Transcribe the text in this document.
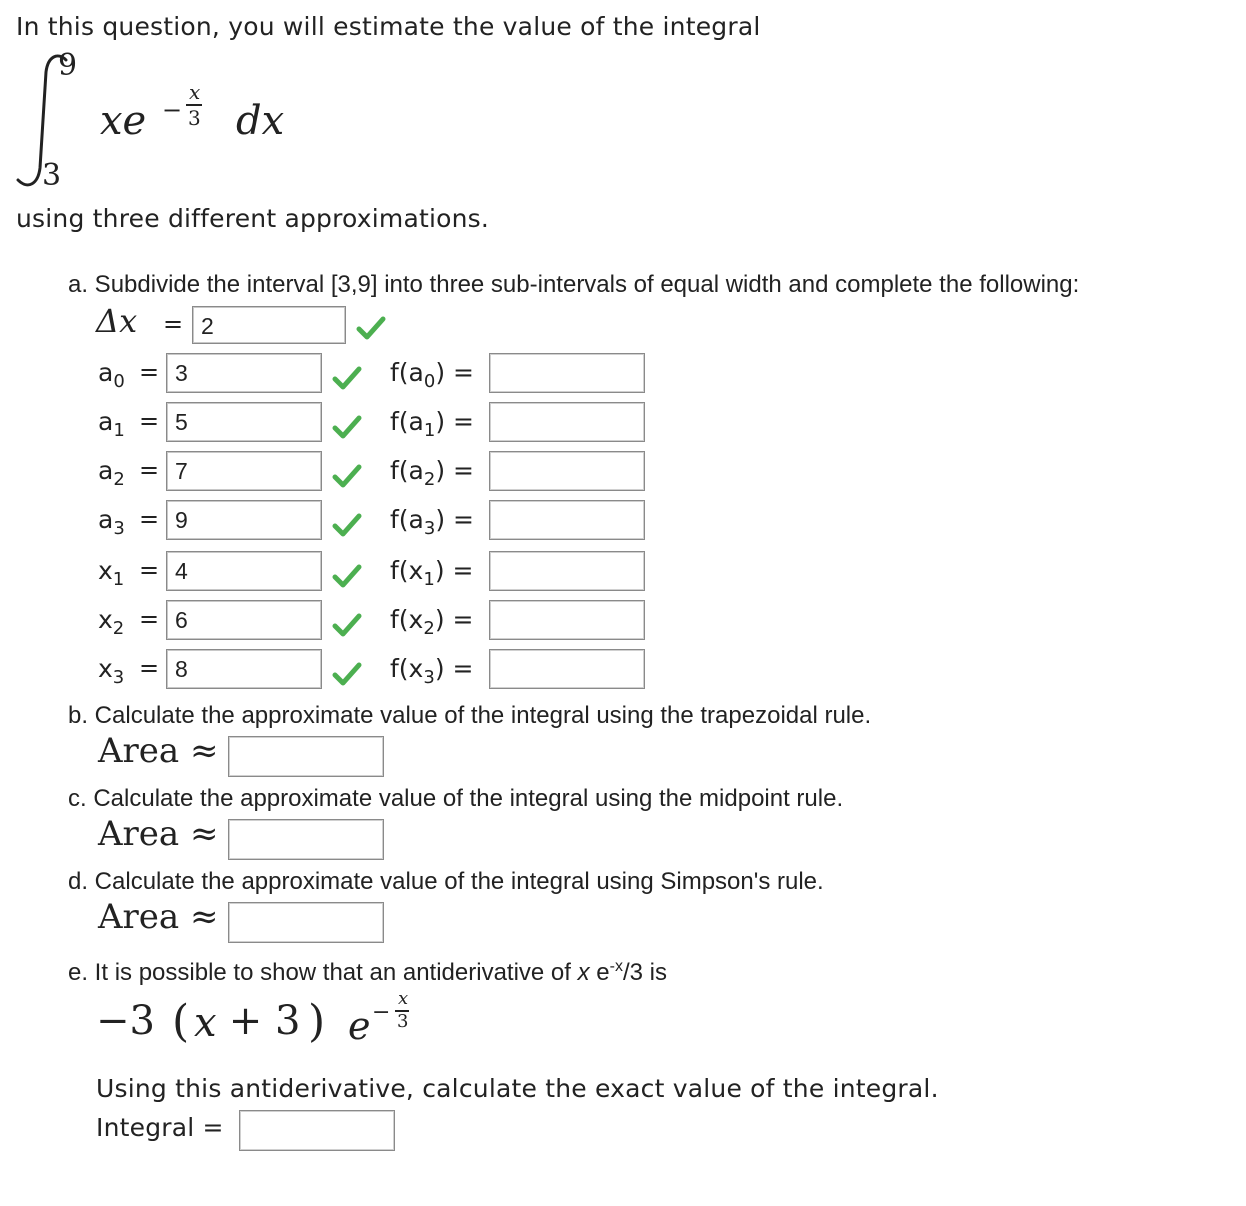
In this question, you will estimate the value of the integral
9
3
xe −
x
3 dx
using three different approximations.
a. Subdivide the interval [3,9] into three sub-intervals of equal width and complete the following:
Δx = 2
$a_0 = 3$	$f(a_0)$ =
$a_1 = 5$	$f(a_1)$ =
$a_2 = 7$	$f(a_2)$ =
$a_3 = 9$	$f(a_3)$ =
$x_1 = 4$	$f(x_1)$ =
$x_2 = 6$	$f(x_2)$ =
$x_3 = 8$	$f(x_3)$ =
b. Calculate the approximate value of the integral using the trapezoidal rule.
Area ≈
c. Calculate the approximate value of the integral using the midpoint rule.
Area ≈
d. Calculate the approximate value of the integral using Simpson's rule.
Area ≈
e. It is possible to show that an antiderivative of x $e^{-x}/3$ is
−3 ( x + 3 ) e −
x
3
Using this antiderivative, calculate the exact value of the integral.
Integral =
